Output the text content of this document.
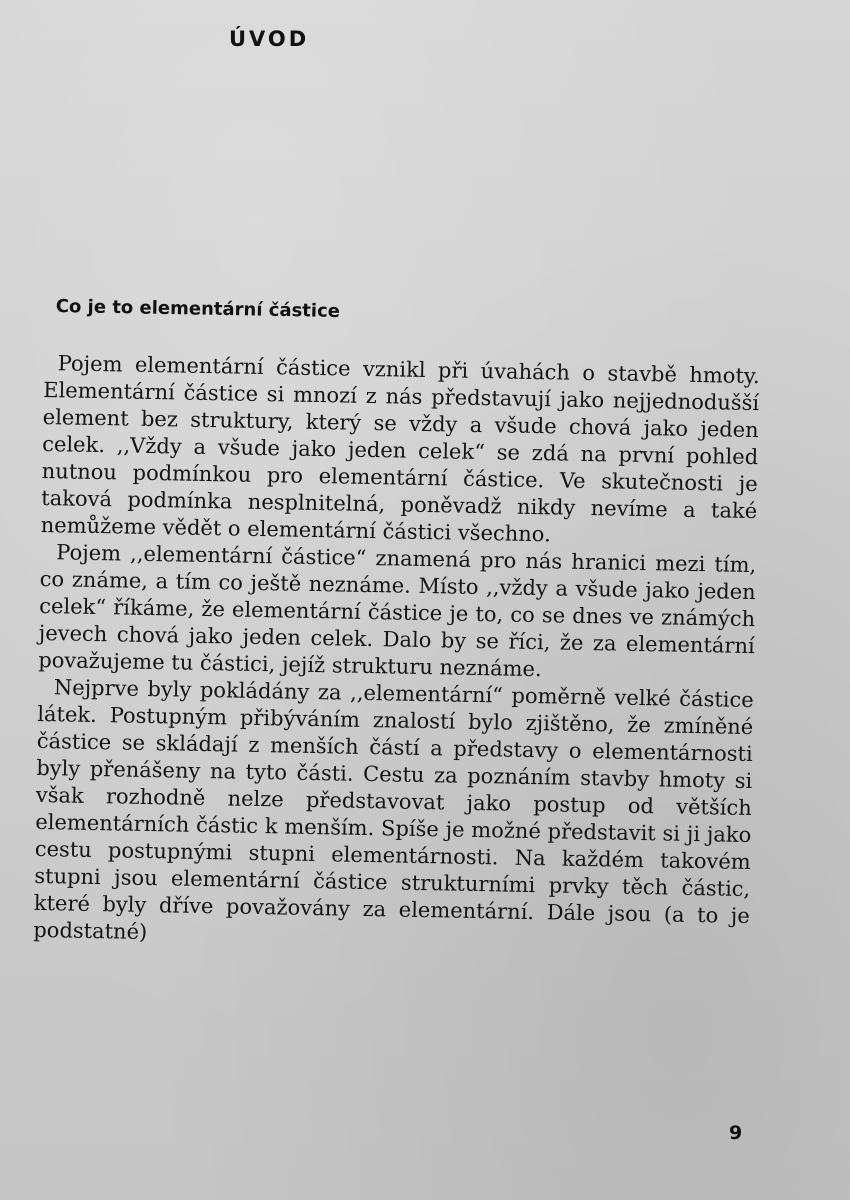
ÚVOD
Co je to elementární částice

Pojem elementární částice vznikl při úvahách o stavbě hmoty. Elementární částice si mnozí z nás představují jako nejjednodušší element bez struktury, který se vždy a všude chová jako jeden celek. ,,Vždy a všude jako jeden celek“ se zdá na první pohled nutnou podmínkou pro elementární částice. Ve skutečnosti je taková podmínka nesplnitelná, poněvadž nikdy nevíme a také nemůžeme vědět o elementární částici všechno.

Pojem ,,elementární částice“ znamená pro nás hranici mezi tím, co známe, a tím co ještě neznáme. Místo ,,vždy a všude jako jeden celek“ říkáme, že elementární částice je to, co se dnes ve známých jevech chová jako jeden celek. Dalo by se říci, že za elementární považujeme tu částici, jejíž strukturu neznáme.

Nejprve byly pokládány za ,,elementární“ poměrně velké částice látek. Postupným přibýváním znalostí bylo zjištěno, že zmíněné částice se skládají z menších částí a představy o elementárnosti byly přenášeny na tyto části. Cestu za poznáním stavby hmoty si však rozhodně nelze představovat jako postup od větších elementárních částic k menším. Spíše je možné představit si ji jako cestu postupnými stupni elementárnosti. Na každém takovém stupni jsou elementární částice strukturními prvky těch částic, které byly dříve považovány za elementární. Dále jsou (a to je podstatné)

9
